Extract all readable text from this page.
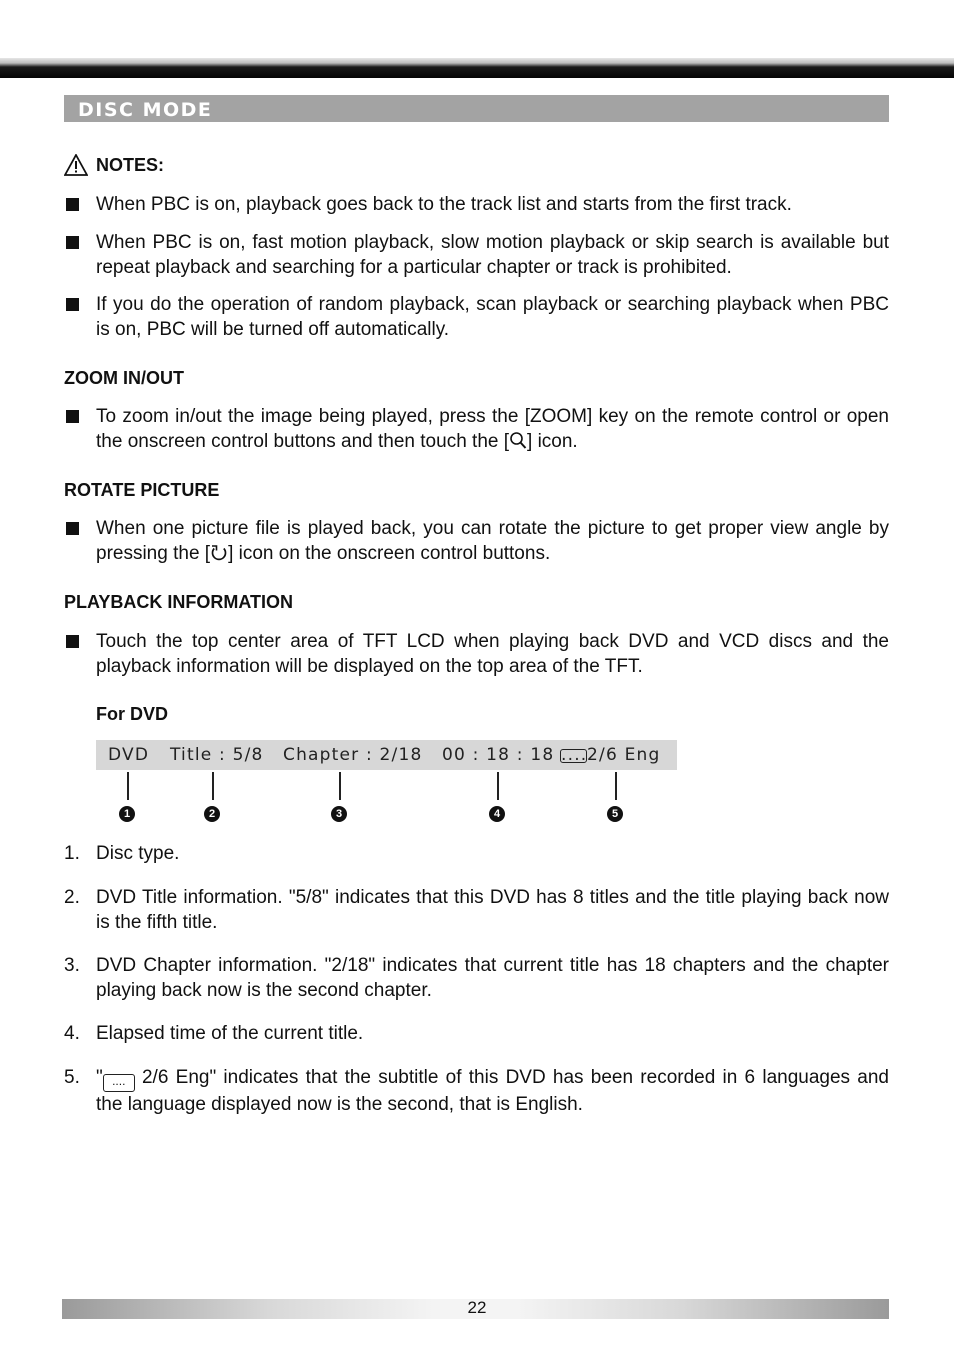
DISC MODE
NOTES:
When PBC is on, playback goes back to the track list and starts from the first track.
When PBC is on, fast motion playback, slow motion playback or skip search is available but repeat playback and searching for a particular chapter or track is prohibited.
If you do the operation of random playback, scan playback or searching playback when PBC is on, PBC will be turned off automatically.
ZOOM IN/OUT
To zoom in/out the image being played, press the [ZOOM] key on the remote control or open the onscreen control buttons and then touch the [ ] icon.
ROTATE PICTURE
When one picture file is played back, you can rotate the picture to get proper view angle by pressing the [ ] icon on the onscreen control buttons.
PLAYBACK INFORMATION
Touch the top center area of TFT LCD when playing back DVD and VCD discs and the playback information will be displayed on the top area of the TFT.
For DVD
DVD Title : 5/8 Chapter : 2/18 00 : 18 : 18 ....2/6 Eng
1	2	3	4	5
1. Disc type.
2. DVD Title information. "5/8" indicates that this DVD has 8 titles and the title playing back now is the fifth title.
3. DVD Chapter information. "2/18" indicates that current title has 18 chapters and the chapter playing back now is the second chapter.
4. Elapsed time of the current title.
5. " .... 2/6 Eng" indicates that the subtitle of this DVD has been recorded in 6 languages and the language displayed now is the second, that is English.
22
